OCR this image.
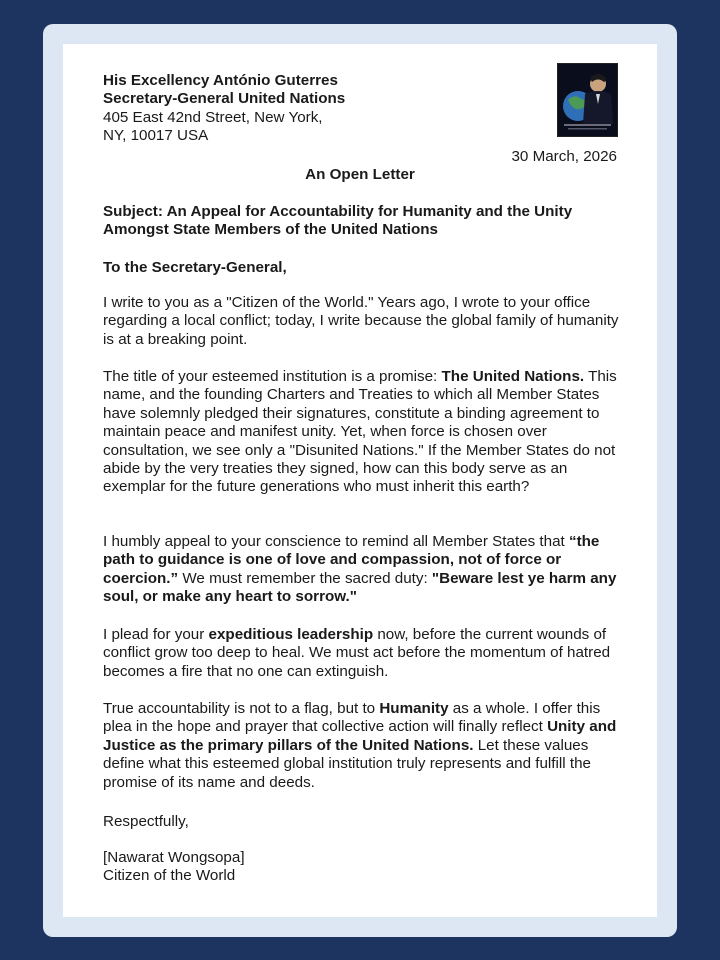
His Excellency António Guterres
Secretary-General United Nations
405 East 42nd Street, New York,
NY, 10017 USA
30 March, 2026
An Open Letter
Subject: An Appeal for Accountability for Humanity and the Unity Amongst State Members of the United Nations
To the Secretary-General,
I write to you as a "Citizen of the World." Years ago, I wrote to your office regarding a local conflict; today, I write because the global family of humanity is at a breaking point.
The title of your esteemed institution is a promise: The United Nations. This name, and the founding Charters and Treaties to which all Member States have solemnly pledged their signatures, constitute a binding agreement to maintain peace and manifest unity. Yet, when force is chosen over consultation, we see only a "Disunited Nations." If the Member States do not abide by the very treaties they signed, how can this body serve as an exemplar for the future generations who must inherit this earth?
I humbly appeal to your conscience to remind all Member States that “the path to guidance is one of love and compassion, not of force or coercion.” We must remember the sacred duty: "Beware lest ye harm any soul, or make any heart to sorrow."
I plead for your expeditious leadership now, before the current wounds of conflict grow too deep to heal. We must act before the momentum of hatred becomes a fire that no one can extinguish.
True accountability is not to a flag, but to Humanity as a whole. I offer this plea in the hope and prayer that collective action will finally reflect Unity and Justice as the primary pillars of the United Nations. Let these values define what this esteemed global institution truly represents and fulfill the promise of its name and deeds.
Respectfully,
[Nawarat Wongsopa]
Citizen of the World
